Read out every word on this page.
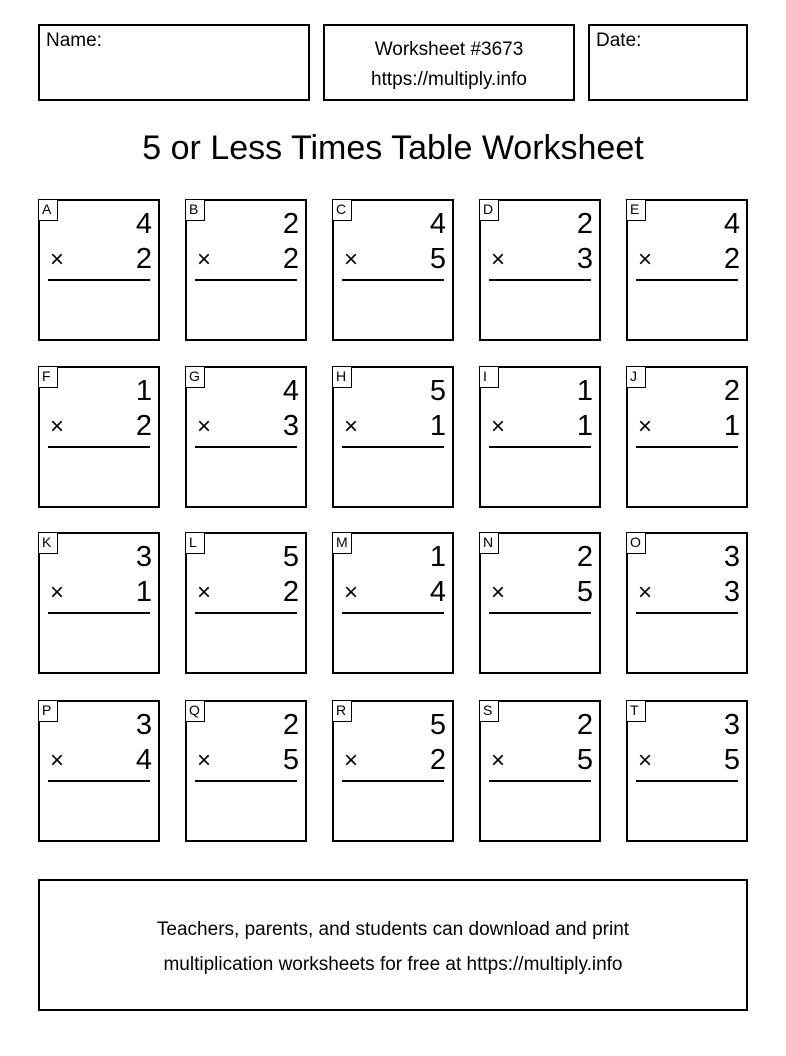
Name:	Worksheet #3673
https://multiply.info
Date:
5 or Less Times Table Worksheet
A	4
× 2
B	2
× 2
C	4
× 5
D	2
× 3
E	4
× 2
F	1
× 2
G	4
× 3
H	5
× 1
I	1
× 1
J	2
× 1
K	3
× 1
L	5
× 2
M	1
× 4
N	2
× 5
O	3
× 3
P	3
× 4
Q	2
× 5
R	5
× 2
S	2
× 5
T	3
× 5
Teachers, parents, and students can download and print
multiplication worksheets for free at https://multiply.info
